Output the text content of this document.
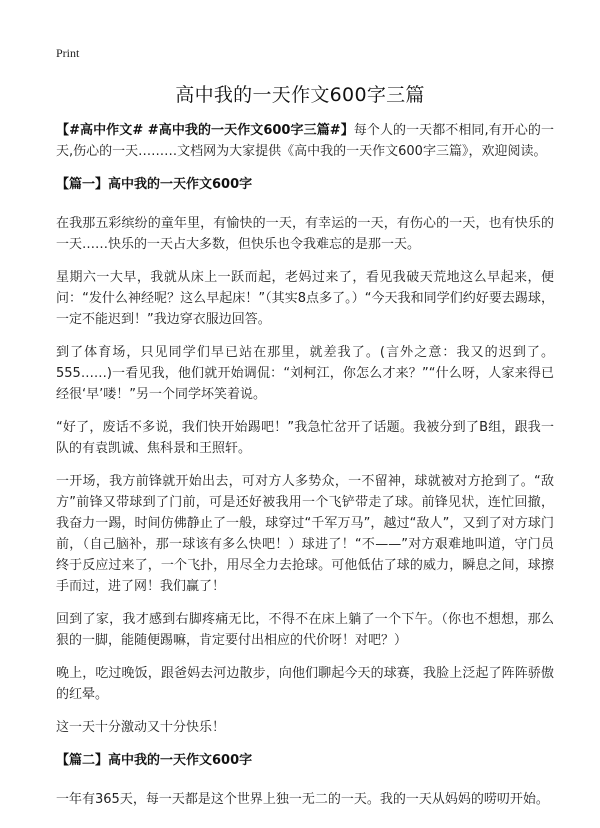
Print
高中我的一天作文600字三篇

【#高中作文# #高中我的一天作文600字三篇#】每个人的一天都不相同,有开心的一天,伤心的一天………文档网为大家提供《高中我的一天作文600字三篇》，欢迎阅读。

【篇一】高中我的一天作文600字

在我那五彩缤纷的童年里，有愉快的一天，有幸运的一天，有伤心的一天，也有快乐的一天……快乐的一天占大多数，但快乐也令我难忘的是那一天。

星期六一大早，我就从床上一跃而起，老妈过来了，看见我破天荒地这么早起来，便问：“发什么神经呢？这么早起床！”（其实8点多了。）“今天我和同学们约好要去踢球，一定不能迟到！”我边穿衣服边回答。

到了体育场，只见同学们早已站在那里，就差我了。(言外之意：我又的迟到了。555……)一看见我，他们就开始调侃：“刘柯江，你怎么才来？”“什么呀，人家来得已经很‘早’喽！”另一个同学坏笑着说。

“好了，废话不多说，我们快开始踢吧！”我急忙岔开了话题。我被分到了B组，跟我一队的有袁凯诚、焦科景和王照轩。

一开场，我方前锋就开始出去，可对方人多势众，一不留神，球就被对方抢到了。“敌方”前锋又带球到了门前，可是还好被我用一个飞铲带走了球。前锋见状，连忙回撤，我奋力一踢，时间仿佛静止了一般，球穿过“千军万马”，越过“敌人”，又到了对方球门前，（自己脑补，那一球该有多么快吧！）球进了！“不——”对方艰难地叫道，守门员终于反应过来了，一个飞扑，用尽全力去抢球。可他低估了球的威力，瞬息之间，球擦手而过，进了网！我们赢了！

回到了家，我才感到右脚疼痛无比，不得不在床上躺了一个下午。（你也不想想，那么狠的一脚，能随便踢嘛，肯定要付出相应的代价呀！对吧？）

晚上，吃过晚饭，跟爸妈去河边散步，向他们聊起今天的球赛，我脸上泛起了阵阵骄傲的红晕。

这一天十分激动又十分快乐！

【篇二】高中我的一天作文600字

一年有365天，每一天都是这个世界上独一无二的一天。我的一天从妈妈的唠叨开始。
